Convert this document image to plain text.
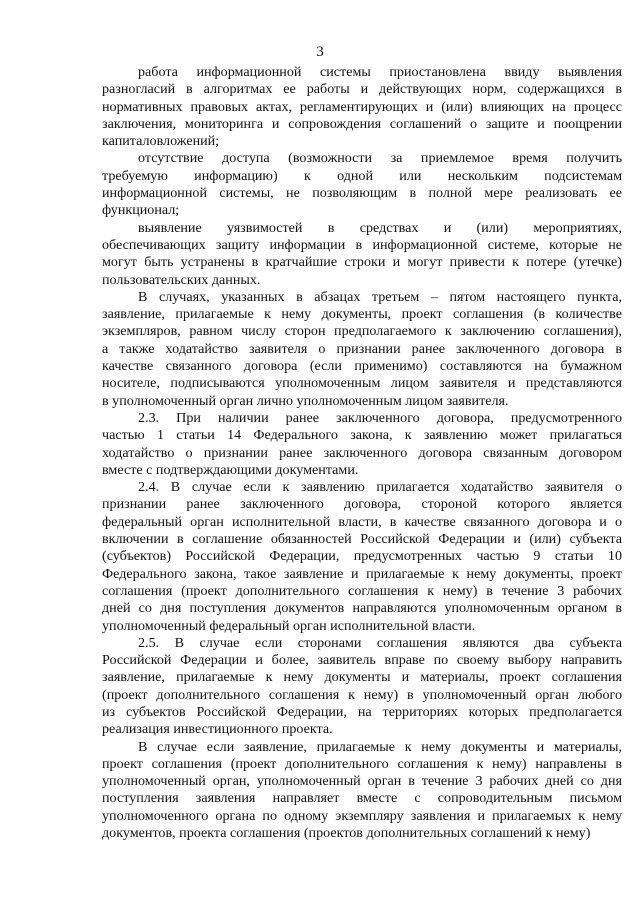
3

работа информационной системы приостановлена ввиду выявления разногласий в алгоритмах ее работы и действующих норм, содержащихся в нормативных правовых актах, регламентирующих и (или) влияющих на процесс заключения, мониторинга и сопровождения соглашений о защите и поощрении капиталовложений;

отсутствие доступа (возможности за приемлемое время получить требуемую информацию) к одной или нескольким подсистемам информационной системы, не позволяющим в полной мере реализовать ее функционал;

выявление уязвимостей в средствах и (или) мероприятиях, обеспечивающих защиту информации в информационной системе, которые не могут быть устранены в кратчайшие строки и могут привести к потере (утечке) пользовательских данных.

В случаях, указанных в абзацах третьем – пятом настоящего пункта, заявление, прилагаемые к нему документы, проект соглашения (в количестве экземпляров, равном числу сторон предполагаемого к заключению соглашения), а также ходатайство заявителя о признании ранее заключенного договора в качестве связанного договора (если применимо) составляются на бумажном носителе, подписываются уполномоченным лицом заявителя и представляются в уполномоченный орган лично уполномоченным лицом заявителя.

2.3. При наличии ранее заключенного договора, предусмотренного частью 1 статьи 14 Федерального закона, к заявлению может прилагаться ходатайство о признании ранее заключенного договора связанным договором вместе с подтверждающими документами.

2.4. В случае если к заявлению прилагается ходатайство заявителя о признании ранее заключенного договора, стороной которого является федеральный орган исполнительной власти, в качестве связанного договора и о включении в соглашение обязанностей Российской Федерации и (или) субъекта (субъектов) Российской Федерации, предусмотренных частью 9 статьи 10 Федерального закона, такое заявление и прилагаемые к нему документы, проект соглашения (проект дополнительного соглашения к нему) в течение 3 рабочих дней со дня поступления документов направляются уполномоченным органом в уполномоченный федеральный орган исполнительной власти.

2.5. В случае если сторонами соглашения являются два субъекта Российской Федерации и более, заявитель вправе по своему выбору направить заявление, прилагаемые к нему документы и материалы, проект соглашения (проект дополнительного соглашения к нему) в уполномоченный орган любого из субъектов Российской Федерации, на территориях которых предполагается реализация инвестиционного проекта.

В случае если заявление, прилагаемые к нему документы и материалы, проект соглашения (проект дополнительного соглашения к нему) направлены в уполномоченный орган, уполномоченный орган в течение 3 рабочих дней со дня поступления заявления направляет вместе с сопроводительным письмом уполномоченного органа по одному экземпляру заявления и прилагаемых к нему документов, проекта соглашения (проектов дополнительных соглашений к нему)
